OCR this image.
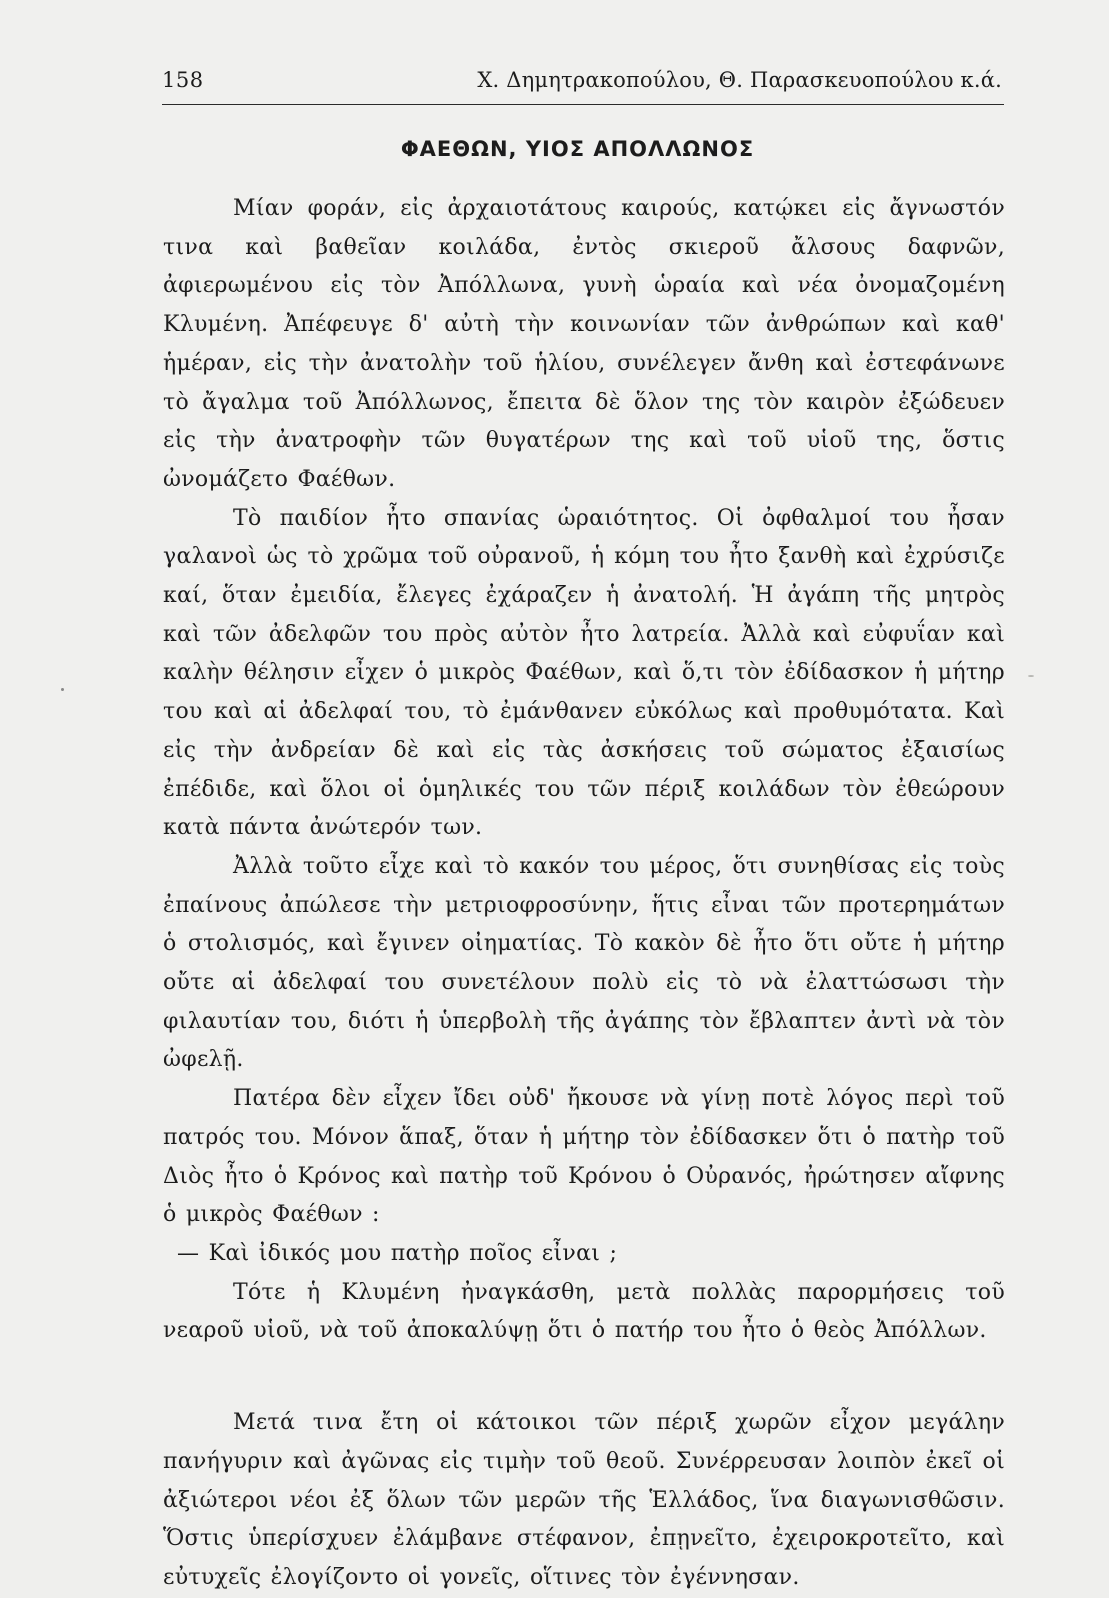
158	Χ. Δημητρακοπούλου, Θ. Παρασκευοπούλου κ.ά.
ΦΑΕΘΩΝ, ΥΙΟΣ ΑΠΟΛΛΩΝΟΣ

Μίαν φοράν, εἰς ἀρχαιοτάτους καιρούς, κατῴκει εἰς ἄγνωστόν τινα καὶ βαθεῖαν κοιλάδα, ἐντὸς σκιεροῦ ἄλσους δαφνῶν, ἀφιερωμένου εἰς τὸν Ἀπόλλωνα, γυνὴ ὡραία καὶ νέα ὀνομαζομένη Κλυμένη. Ἀπέφευγε δ' αὐτὴ τὴν κοινωνίαν τῶν ἀνθρώπων καὶ καθ' ἡμέραν, εἰς τὴν ἀνατολὴν τοῦ ἡλίου, συνέλεγεν ἄνθη καὶ ἐστεφάνωνε τὸ ἄγαλμα τοῦ Ἀπόλλωνος, ἔπειτα δὲ ὅλον της τὸν καιρὸν ἐξώδευεν εἰς τὴν ἀνατροφὴν τῶν θυγατέρων της καὶ τοῦ υἱοῦ της, ὅστις ὠνομάζετο Φαέθων.

Τὸ παιδίον ἦτο σπανίας ὡραιότητος. Οἱ ὀφθαλμοί του ἦσαν γαλανοὶ ὡς τὸ χρῶμα τοῦ οὐρανοῦ, ἡ κόμη του ἦτο ξανθὴ καὶ ἐχρύσιζε καί, ὅταν ἐμειδία, ἔλεγες ἐχάραζεν ἡ ἀνατολή. Ἡ ἀγάπη τῆς μητρὸς καὶ τῶν ἀδελφῶν του πρὸς αὐτὸν ἦτο λατρεία. Ἀλλὰ καὶ εὐφυΐαν καὶ καλὴν θέλησιν εἶχεν ὁ μικρὸς Φαέθων, καὶ ὅ,τι τὸν ἐδίδασκον ἡ μήτηρ του καὶ αἱ ἀδελφαί του, τὸ ἐμάνθανεν εὐκόλως καὶ προθυμότατα. Καὶ εἰς τὴν ἀνδρείαν δὲ καὶ εἰς τὰς ἀσκήσεις τοῦ σώματος ἐξαισίως ἐπέδιδε, καὶ ὅλοι οἱ ὁμηλικές του τῶν πέριξ κοιλάδων τὸν ἐθεώρουν κατὰ πάντα ἀνώτερόν των.

Ἀλλὰ τοῦτο εἶχε καὶ τὸ κακόν του μέρος, ὅτι συνηθίσας εἰς τοὺς ἐπαίνους ἀπώλεσε τὴν μετριοφροσύνην, ἥτις εἶναι τῶν προτερημάτων ὁ στολισμός, καὶ ἔγινεν οἰηματίας. Τὸ κακὸν δὲ ἦτο ὅτι οὔτε ἡ μήτηρ οὔτε αἱ ἀδελφαί του συνετέλουν πολὺ εἰς τὸ νὰ ἐλαττώσωσι τὴν φιλαυτίαν του, διότι ἡ ὑπερβολὴ τῆς ἀγάπης τὸν ἔβλαπτεν ἀντὶ νὰ τὸν ὠφελῇ.

Πατέρα δὲν εἶχεν ἴδει οὐδ' ἤκουσε νὰ γίνῃ ποτὲ λόγος περὶ τοῦ πατρός του. Μόνον ἅπαξ, ὅταν ἡ μήτηρ τὸν ἐδίδασκεν ὅτι ὁ πατὴρ τοῦ Διὸς ἦτο ὁ Κρόνος καὶ πατὴρ τοῦ Κρόνου ὁ Οὐρανός, ἠρώτησεν αἴφνης ὁ μικρὸς Φαέθων :

— Καὶ ἰδικός μου πατὴρ ποῖος εἶναι ;

Τότε ἡ Κλυμένη ἠναγκάσθη, μετὰ πολλὰς παρορμήσεις τοῦ νεαροῦ υἱοῦ, νὰ τοῦ ἀποκαλύψῃ ὅτι ὁ πατήρ του ἦτο ὁ θεὸς Ἀπόλλων.

Μετά τινα ἔτη οἱ κάτοικοι τῶν πέριξ χωρῶν εἶχον μεγάλην πανήγυριν καὶ ἀγῶνας εἰς τιμὴν τοῦ θεοῦ. Συνέρρευσαν λοιπὸν ἐκεῖ οἱ ἀξιώτεροι νέοι ἐξ ὅλων τῶν μερῶν τῆς Ἑλλάδος, ἵνα διαγωνισθῶσιν. Ὅστις ὑπερίσχυεν ἐλάμβανε στέφανον, ἐπῃνεῖτο, ἐχειροκροτεῖτο, καὶ εὐτυχεῖς ἐλογίζοντο οἱ γονεῖς, οἵτινες τὸν ἐγέννησαν.
